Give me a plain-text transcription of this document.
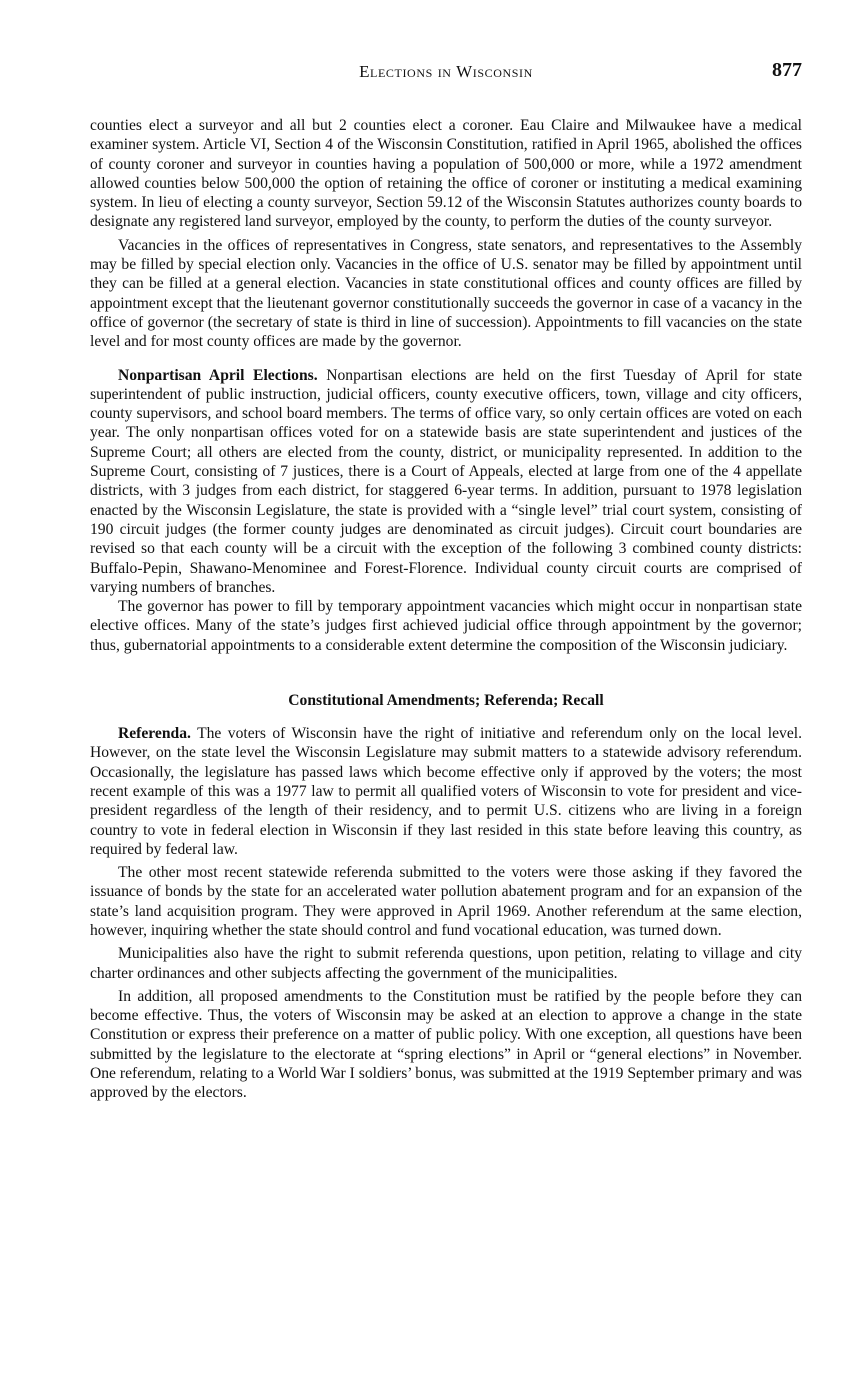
Elections in Wisconsin	877

counties elect a surveyor and all but 2 counties elect a coroner. Eau Claire and Milwaukee have a medical examiner system. Article VI, Section 4 of the Wisconsin Constitution, ratified in April 1965, abolished the offices of county coroner and surveyor in counties having a population of 500,000 or more, while a 1972 amendment allowed counties below 500,000 the option of retaining the office of coroner or instituting a medical examining system. In lieu of electing a county surveyor, Section 59.12 of the Wisconsin Statutes authorizes county boards to designate any registered land surveyor, employed by the county, to perform the duties of the county surveyor.

Vacancies in the offices of representatives in Congress, state senators, and representatives to the Assembly may be filled by special election only. Vacancies in the office of U.S. senator may be filled by appointment until they can be filled at a general election. Vacancies in state constitutional offices and county offices are filled by appointment except that the lieutenant governor constitutionally succeeds the governor in case of a vacancy in the office of governor (the secretary of state is third in line of succession). Appointments to fill vacancies on the state level and for most county offices are made by the governor.

Nonpartisan April Elections. Nonpartisan elections are held on the first Tuesday of April for state superintendent of public instruction, judicial officers, county executive officers, town, village and city officers, county supervisors, and school board members. The terms of office vary, so only certain offices are voted on each year. The only nonpartisan offices voted for on a statewide basis are state superintendent and justices of the Supreme Court; all others are elected from the county, district, or municipality represented. In addition to the Supreme Court, consisting of 7 justices, there is a Court of Appeals, elected at large from one of the 4 appellate districts, with 3 judges from each district, for staggered 6-year terms. In addition, pursuant to 1978 legislation enacted by the Wisconsin Legislature, the state is provided with a “single level” trial court system, consisting of 190 circuit judges (the former county judges are denominated as circuit judges). Circuit court boundaries are revised so that each county will be a circuit with the exception of the following 3 combined county districts: Buffalo-Pepin, Shawano-Menominee and Forest-Florence. Individual county circuit courts are comprised of varying numbers of branches.

The governor has power to fill by temporary appointment vacancies which might occur in nonpartisan state elective offices. Many of the state’s judges first achieved judicial office through appointment by the governor; thus, gubernatorial appointments to a considerable extent determine the composition of the Wisconsin judiciary.

Constitutional Amendments; Referenda; Recall

Referenda. The voters of Wisconsin have the right of initiative and referendum only on the local level. However, on the state level the Wisconsin Legislature may submit matters to a statewide advisory referendum. Occasionally, the legislature has passed laws which become effective only if approved by the voters; the most recent example of this was a 1977 law to permit all qualified voters of Wisconsin to vote for president and vice-president regardless of the length of their residency, and to permit U.S. citizens who are living in a foreign country to vote in federal election in Wisconsin if they last resided in this state before leaving this country, as required by federal law.

The other most recent statewide referenda submitted to the voters were those asking if they favored the issuance of bonds by the state for an accelerated water pollution abatement program and for an expansion of the state’s land acquisition program. They were approved in April 1969. Another referendum at the same election, however, inquiring whether the state should control and fund vocational education, was turned down.

Municipalities also have the right to submit referenda questions, upon petition, relating to village and city charter ordinances and other subjects affecting the government of the municipalities.

In addition, all proposed amendments to the Constitution must be ratified by the people before they can become effective. Thus, the voters of Wisconsin may be asked at an election to approve a change in the state Constitution or express their preference on a matter of public policy. With one exception, all questions have been submitted by the legislature to the electorate at “spring elections” in April or “general elections” in November. One referendum, relating to a World War I soldiers’ bonus, was submitted at the 1919 September primary and was approved by the electors.
